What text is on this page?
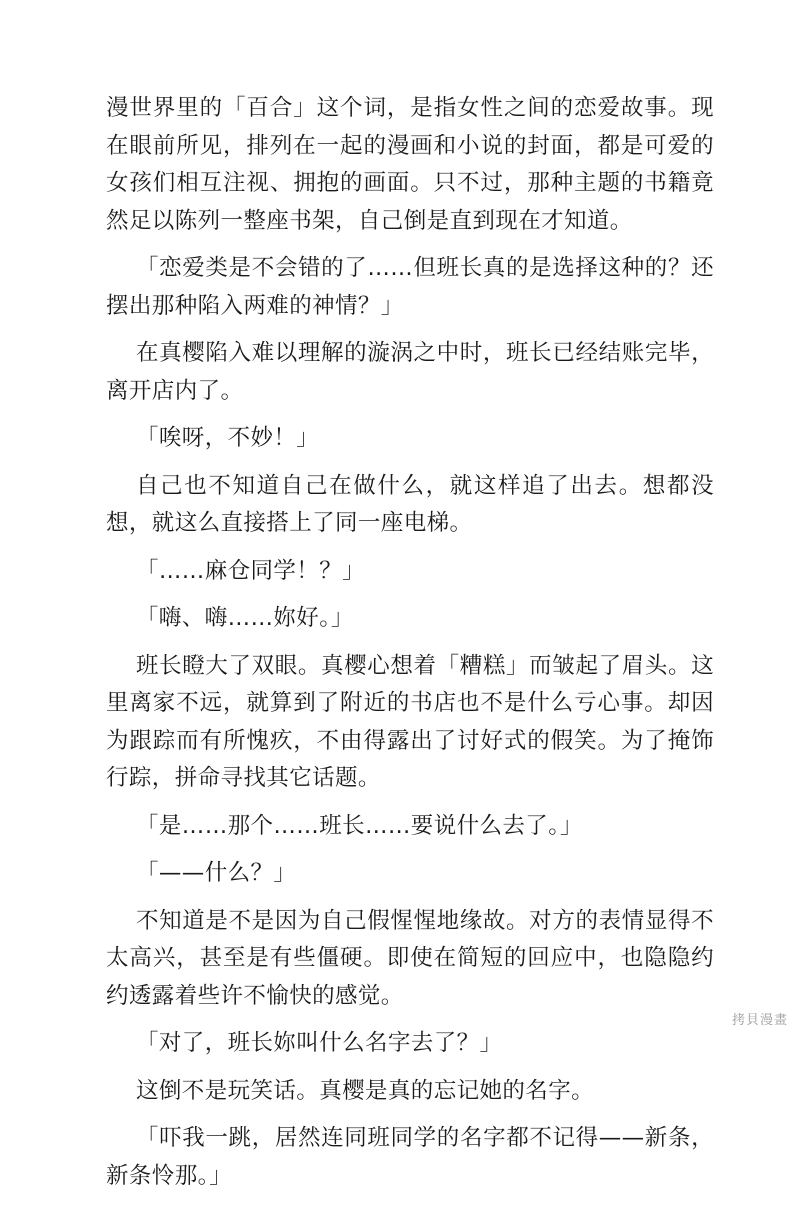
漫世界里的「百合」这个词，是指女性之间的恋爱故事。现在眼前所见，排列在一起的漫画和小说的封面，都是可爱的女孩们相互注视、拥抱的画面。只不过，那种主题的书籍竟然足以陈列一整座书架，自己倒是直到现在才知道。

「恋爱类是不会错的了……但班长真的是选择这种的？还摆出那种陷入两难的神情？」

在真樱陷入难以理解的漩涡之中时，班长已经结账完毕，离开店内了。

「唉呀，不妙！」

自己也不知道自己在做什么，就这样追了出去。想都没想，就这么直接搭上了同一座电梯。

「……麻仓同学！？」

「嗨、嗨……妳好。」

班长瞪大了双眼。真樱心想着「糟糕」而皱起了眉头。这里离家不远，就算到了附近的书店也不是什么亏心事。却因为跟踪而有所愧疚，不由得露出了讨好式的假笑。为了掩饰行踪，拼命寻找其它话题。

「是……那个……班长……要说什么去了。」

「——什么？」

不知道是不是因为自己假惺惺地缘故。对方的表情显得不太高兴，甚至是有些僵硬。即使在简短的回应中，也隐隐约约透露着些许不愉快的感觉。

「对了，班长妳叫什么名字去了？」

这倒不是玩笑话。真樱是真的忘记她的名字。

「吓我一跳，居然连同班同学的名字都不记得——新条，新条怜那。」

拷貝漫畫
